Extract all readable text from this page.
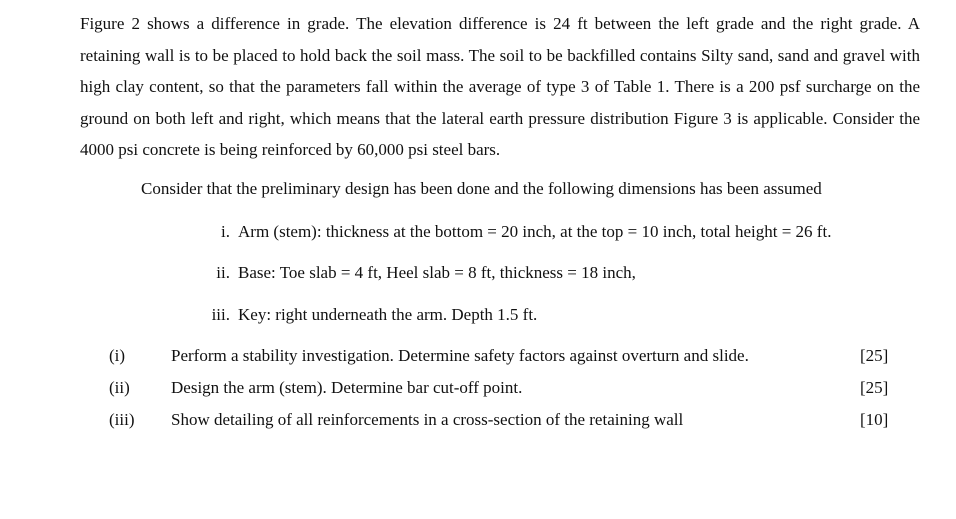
Figure 2 shows a difference in grade. The elevation difference is 24 ft between the left grade and the right grade. A retaining wall is to be placed to hold back the soil mass. The soil to be backfilled contains Silty sand, sand and gravel with high clay content, so that the parameters fall within the average of type 3 of Table 1. There is a 200 psf surcharge on the ground on both left and right, which means that the lateral earth pressure distribution Figure 3 is applicable. Consider the 4000 psi concrete is being reinforced by 60,000 psi steel bars.

Consider that the preliminary design has been done and the following dimensions has been assumed
i. Arm (stem): thickness at the bottom = 20 inch, at the top = 10 inch, total height = 26 ft.
ii. Base: Toe slab = 4 ft, Heel slab = 8 ft, thickness = 18 inch,
iii. Key: right underneath the arm. Depth 1.5 ft.
(i)	Perform a stability investigation. Determine safety factors against overturn and slide.	[25]
(ii) Design the arm (stem). Determine bar cut-off point.	[25]
(iii) Show detailing of all reinforcements in a cross-section of the retaining wall	[10]
